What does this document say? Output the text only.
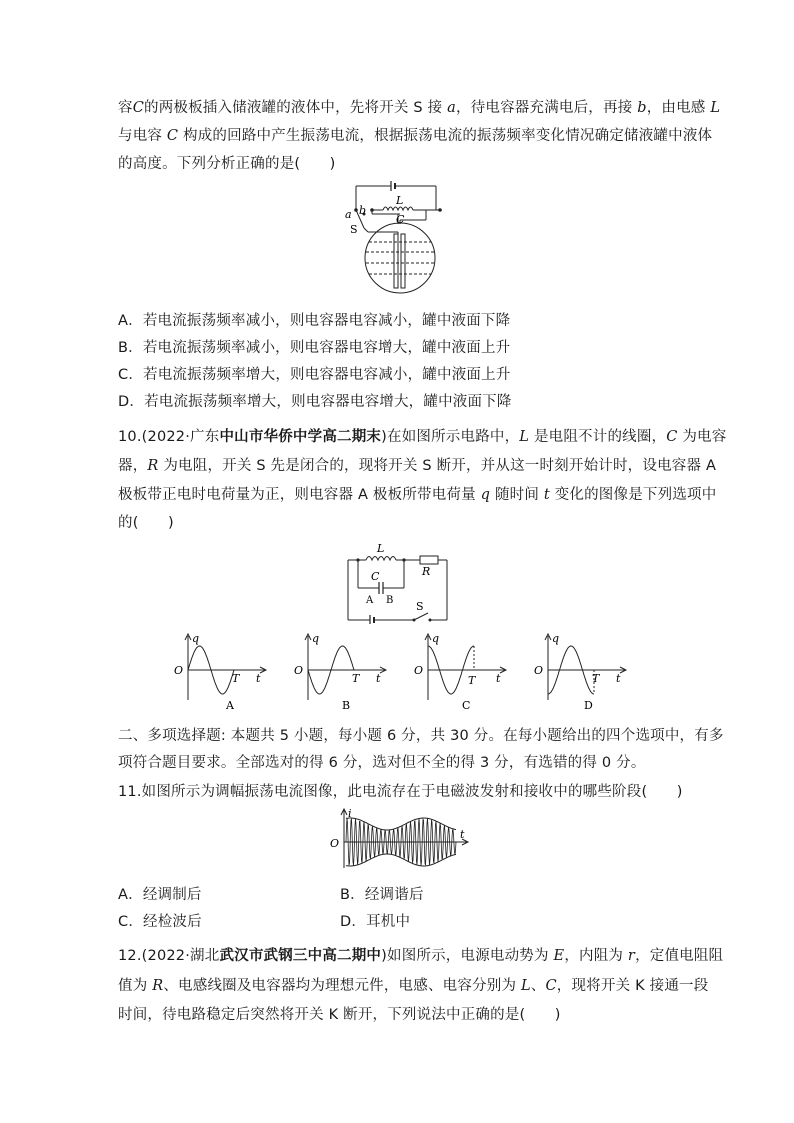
容C的两极板插入储液罐的液体中，先将开关 S 接 a，待电容器充满电后，再接 b，由电感 L
与电容 C 构成的回路中产生振荡电流，根据振荡电流的振荡频率变化情况确定储液罐中液体
的高度。下列分析正确的是(　　)
L
C
a b
S
A．若电流振荡频率减小，则电容器电容减小，罐中液面下降
B．若电流振荡频率减小，则电容器电容增大，罐中液面上升
C．若电流振荡频率增大，则电容器电容减小，罐中液面上升
D．若电流振荡频率增大，则电容器电容增大，罐中液面下降
10.(2022·广东中山市华侨中学高二期末)在如图所示电路中，L 是电阻不计的线圈，C 为电容
器，R 为电阻，开关 S 先是闭合的，现将开关 S 断开，并从这一时刻开始计时，设电容器 A
极板带正电时电荷量为正，则电容器 A 极板所带电荷量 q 随时间 t 变化的图像是下列选项中
的(　　)
L
C	R
A B S
O
q
T t
A
O
q
T t
B
O
q
T t
C
O
q
T t
D
二、多项选择题: 本题共 5 小题，每小题 6 分，共 30 分。在每小题给出的四个选项中，有多
项符合题目要求。全部选对的得 6 分，选对但不全的得 3 分，有选错的得 0 分。
11.如图所示为调幅振荡电流图像，此电流存在于电磁波发射和接收中的哪些阶段(　　)
O
i
t
A．经调制后	B．经调谐后
C．经检波后	D．耳机中
12.(2022·湖北武汉市武钢三中高二期中)如图所示，电源电动势为 E，内阻为 r，定值电阻阻
值为 R、电感线圈及电容器均为理想元件，电感、电容分别为 L、C，现将开关 K 接通一段
时间，待电路稳定后突然将开关 K 断开，下列说法中正确的是(　　)
